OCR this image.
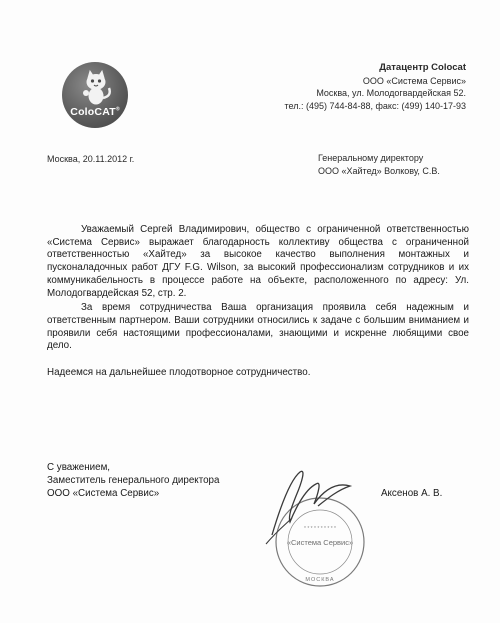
ColoCAT®
Датацентр Colocat
ООО «Система Сервис»
Москва, ул. Молодогвардейская 52.
тел.: (495) 744-84-88, факс: (499) 140-17-93
Москва, 20.11.2012 г.	Генеральному директору
ООО «Хайтед» Волкову, С.В.

Уважаемый Сергей Владимирович, общество с ограниченной ответственностью «Система Сервис» выражает благодарность коллективу общества с ограниченной ответственностью «Хайтед» за высокое качество выполнения монтажных и пусконаладочных работ ДГУ F.G. Wilson, за высокий профессионализм сотрудников и их коммуникабельность в процессе работе на объекте, расположенного по адресу: Ул. Молодогвардейская 52, стр. 2.

За время сотрудничества Ваша организация проявила себя надежным и ответственным партнером. Ваши сотрудники относились к задаче с большим вниманием и проявили себя настоящими профессионалами, знающими и искренне любящими свое дело.

Надеемся на дальнейшее плодотворное сотрудничество.

С уважением,
Заместитель генерального директора
ООО «Система Сервис»
* * * * * * * * * *
«Система Сервис»
МОСКВА
Аксенов А. В.
